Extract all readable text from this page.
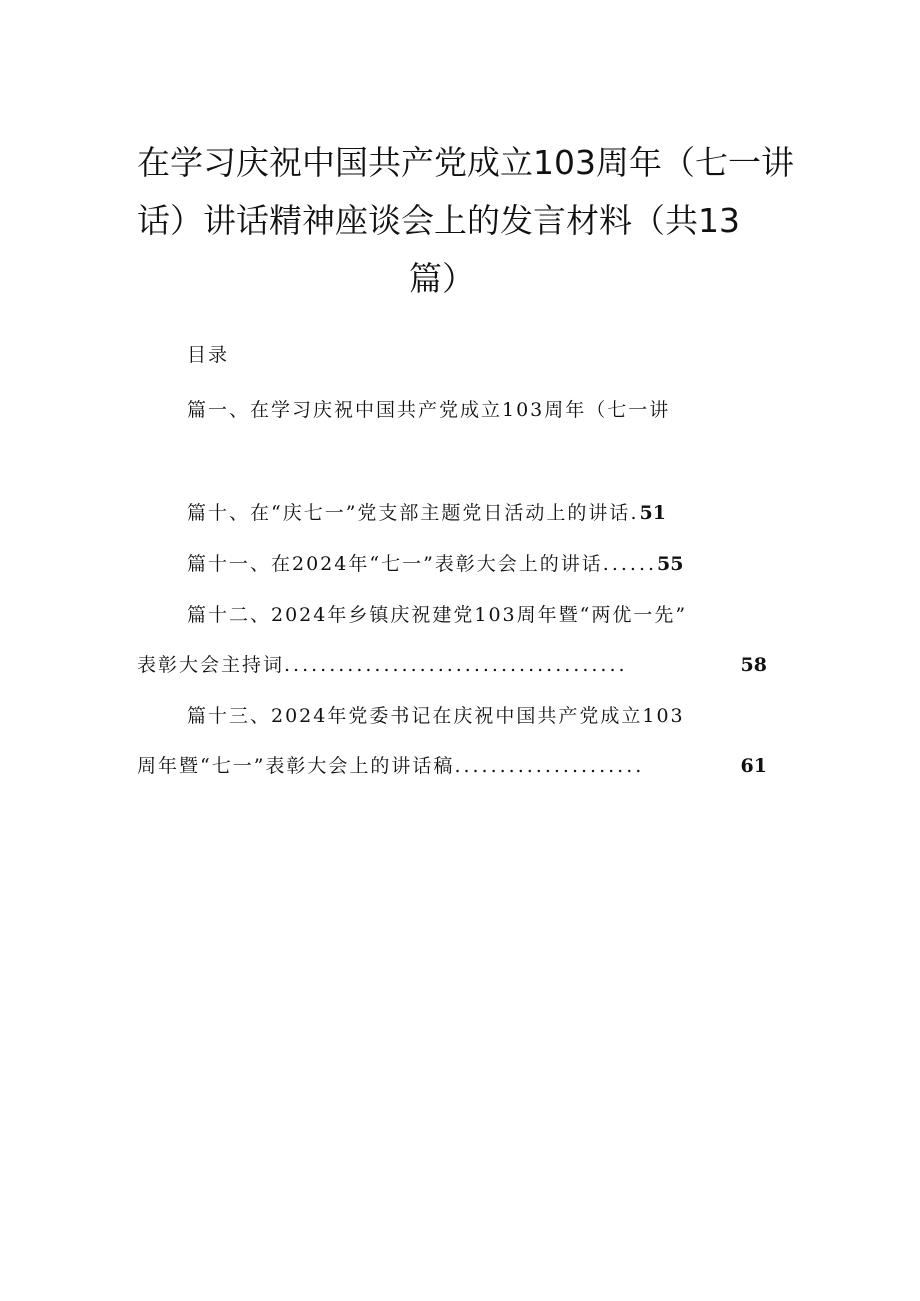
在学习庆祝中国共产党成立103周年（七一讲
话）讲话精神座谈会上的发言材料（共13
篇）
目录
篇一、在学习庆祝中国共产党成立103周年（七一讲
篇十、在“庆七一”党支部主题党日活动上的讲话.51
篇十一、在2024年“七一”表彰大会上的讲话......55
篇十二、2024年乡镇庆祝建党103周年暨“两优一先”
表彰大会主持词 ......................................	58
篇十三、2024年党委书记在庆祝中国共产党成立103
周年暨“七一”表彰大会上的讲话稿 .....................	61
